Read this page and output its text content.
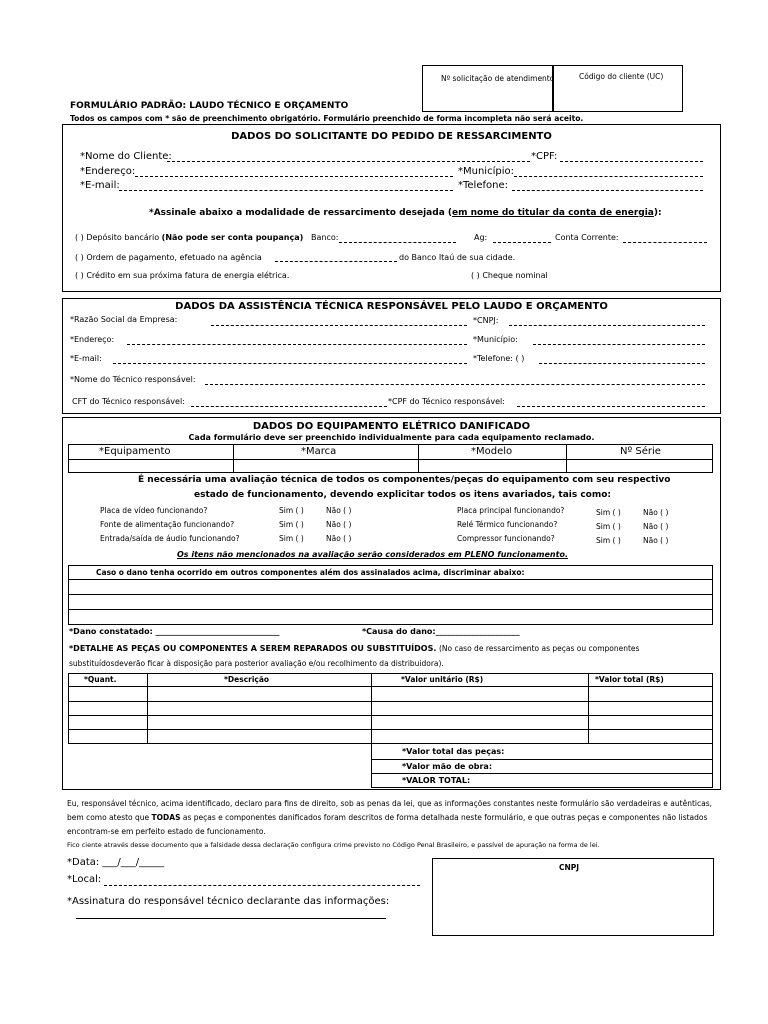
Nº solicitação de atendimento	Código do cliente (UC)
FORMULÁRIO PADRÃO: LAUDO TÉCNICO E ORÇAMENTO
Todos os campos com * são de preenchimento obrigatório. Formulário preenchido de forma incompleta não será aceito.
DADOS DO SOLICITANTE DO PEDIDO DE RESSARCIMENTO
*Nome do Cliente:	*CPF:
*Endereço:	*Município:
*E-mail:	*Telefone:
*Assinale abaixo a modalidade de ressarcimento desejada (em nome do titular da conta de energia):
( ) Depósito bancário (Não pode ser conta poupança) Banco:	Ag:	Conta Corrente:
( ) Ordem de pagamento, efetuado na agência	do Banco Itaú de sua cidade.
( ) Crédito em sua próxima fatura de energia elétrica.	( ) Cheque nominal
DADOS DA ASSISTÊNCIA TÉCNICA RESPONSÁVEL PELO LAUDO E ORÇAMENTO
*Razão Social da Empresa:	*CNPJ:
*Endereço:	*Município:
*E-mail:	*Telefone: ( )
*Nome do Técnico responsável:
CFT do Técnico responsável:	*CPF do Técnico responsável:
DADOS DO EQUIPAMENTO ELÉTRICO DANIFICADO
Cada formulário deve ser preenchido individualmente para cada equipamento reclamado.
*Equipamento	*Marca	*Modelo	Nº Série
É necessária uma avaliação técnica de todos os componentes/peças do equipamento com seu respectivo
estado de funcionamento, devendo explicitar todos os itens avariados, tais como:
Placa de vídeo funcionando?	Sim ( )	Não ( )
Fonte de alimentação funcionando?	Sim ( )	Não ( )
Entrada/saída de áudio funcionando?	Sim ( )	Não ( )
Placa principal funcionando?	Sim ( )	Não ( )
Relé Térmico funcionando?	Sim ( )	Não ( )
Compressor funcionando?	Sim ( )	Não ( )
Os itens não mencionados na avaliação serão considerados em PLENO funcionamento.
Caso o dano tenha ocorrido em outros componentes além dos assinalados acima, discriminar abaixo:
*Dano constatado: _______________________________	*Causa do dano:_____________________
*DETALHE AS PEÇAS OU COMPONENTES A SEREM REPARADOS OU SUBSTITUÍDOS. (No caso de ressarcimento as peças ou componentes
substituídosdeverão ficar à disposição para posterior avaliação e/ou recolhimento da distribuidora).
*Quant.	*Descrição	*Valor unitário (R$)	*Valor total (R$)
*Valor total das peças:
*Valor mão de obra:
*VALOR TOTAL:
Eu, responsável técnico, acima identificado, declaro para fins de direito, sob as penas da lei, que as informações constantes neste formulário são verdadeiras e autênticas,
bem como atesto que TODAS as peças e componentes danificados foram descritos de forma detalhada neste formulário, e que outras peças e componentes não listados
encontram-se em perfeito estado de funcionamento.
Fico ciente através desse documento que a falsidade dessa declaração configura crime previsto no Código Penal Brasileiro, e passível de apuração na forma de lei.
*Data: ___/___/_____
*Local:
*Assinatura do responsável técnico declarante das informações:
CNPJ
